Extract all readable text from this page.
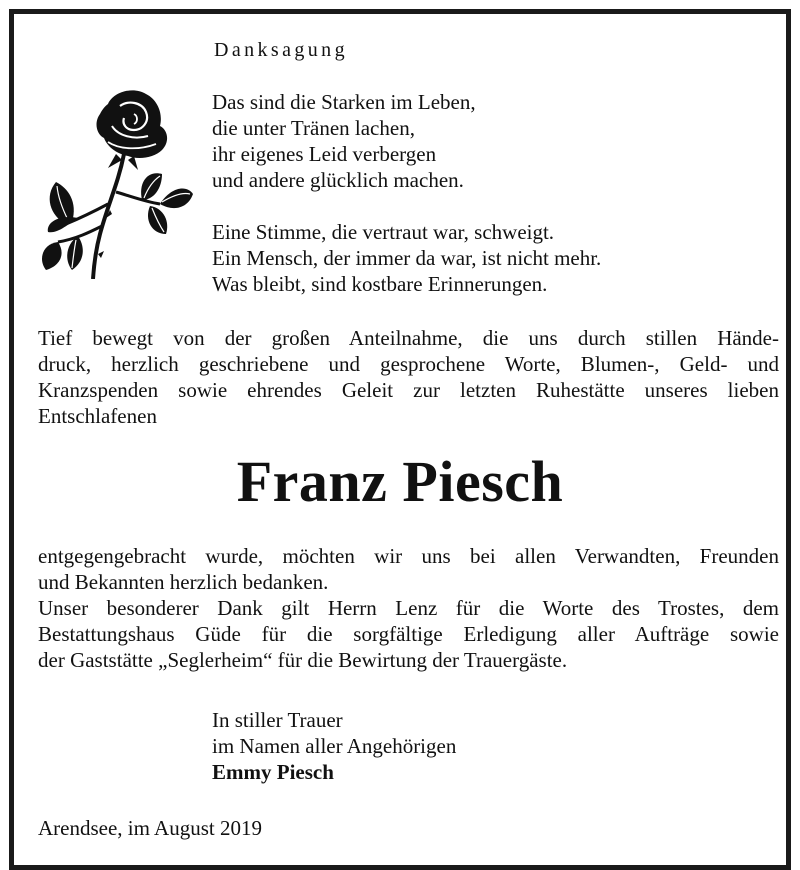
Danksagung
Das sind die Starken im Leben,
die unter Tränen lachen,
ihr eigenes Leid verbergen
und andere glücklich machen.
Eine Stimme, die vertraut war, schweigt.
Ein Mensch, der immer da war, ist nicht mehr.
Was bleibt, sind kostbare Erinnerungen.
Tief bewegt von der großen Anteilnahme, die uns durch stillen Hände-
druck, herzlich geschriebene und gesprochene Worte, Blumen-, Geld- und
Kranzspenden sowie ehrendes Geleit zur letzten Ruhestätte unseres lieben
Entschlafenen
Franz Piesch
entgegengebracht wurde, möchten wir uns bei allen Verwandten, Freunden
und Bekannten herzlich bedanken.
Unser besonderer Dank gilt Herrn Lenz für die Worte des Trostes, dem
Bestattungshaus Güde für die sorgfältige Erledigung aller Aufträge sowie
der Gaststätte „Seglerheim“ für die Bewirtung der Trauergäste.
In stiller Trauer
im Namen aller Angehörigen
Emmy Piesch
Arendsee, im August 2019
